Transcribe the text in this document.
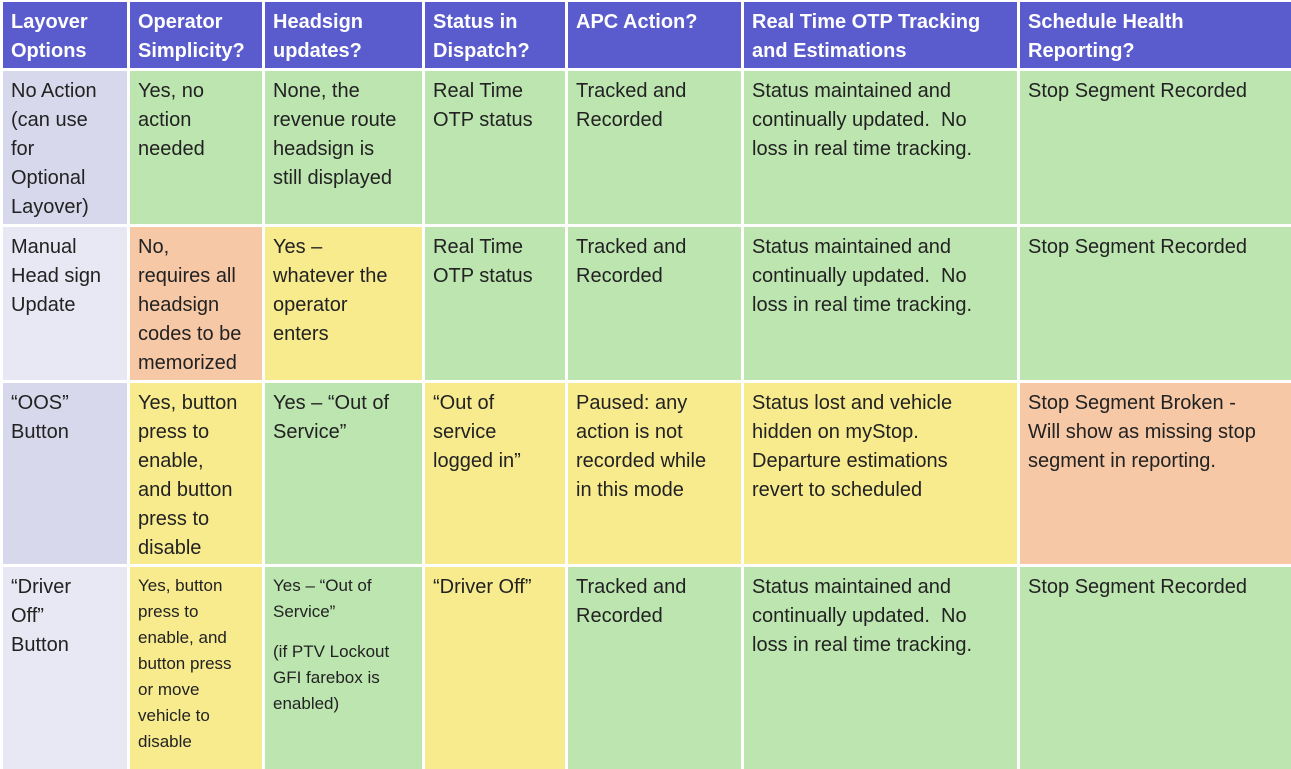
Layover
Options
Operator
Simplicity?
Headsign
updates?
Status in
Dispatch?
APC Action?	Real Time OTP Tracking
and Estimations
Schedule Health
Reporting?
No Action
(can use
for
Optional
Layover)
Yes, no
action
needed
None, the
revenue route
headsign is
still displayed
Real Time
OTP status
Tracked and
Recorded
Status maintained and
continually updated.  No
loss in real time tracking.
Stop Segment Recorded
Manual
Head sign
Update
No,
requires all
headsign
codes to be
memorized
Yes –
whatever the
operator
enters
Real Time
OTP status
Tracked and
Recorded
Status maintained and
continually updated.  No
loss in real time tracking.
Stop Segment Recorded
“OOS”
Button
Yes, button
press to
enable,
and button
press to
disable
Yes – “Out of
Service”
“Out of
service
logged in”
Paused: any
action is not
recorded while
in this mode
Status lost and vehicle
hidden on myStop.
Departure estimations
revert to scheduled
Stop Segment Broken -
Will show as missing stop
segment in reporting.
“Driver
Off”
Button
Yes, button
press to
enable, and
button press
or move
vehicle to
disable
Yes – “Out of
Service”
(if PTV Lockout
GFI farebox is
enabled)
“Driver Off”	Tracked and
Recorded
Status maintained and
continually updated.  No
loss in real time tracking.
Stop Segment Recorded
